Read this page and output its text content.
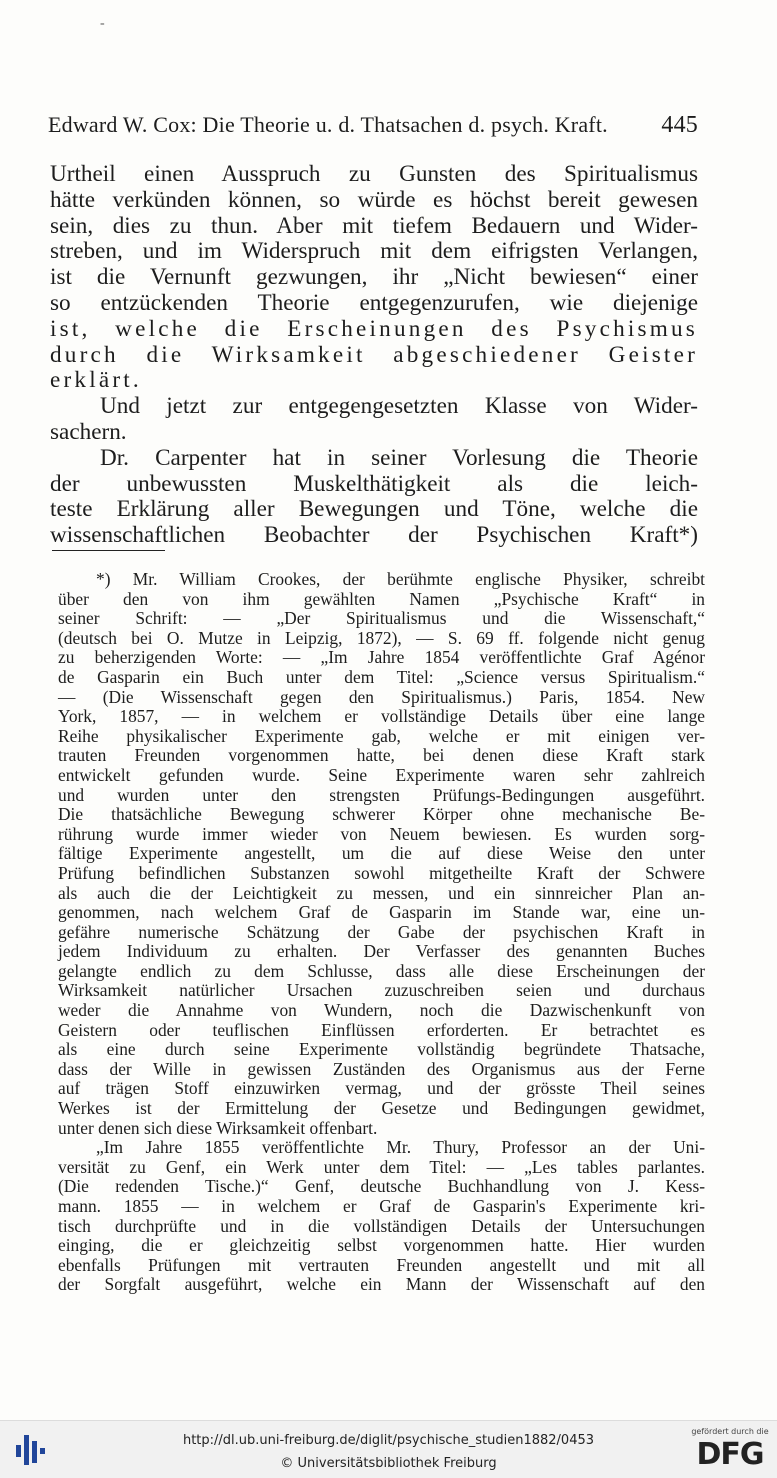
-
Edward W. Cox: Die Theorie u. d. Thatsachen d. psych. Kraft. 445
Urtheil einen Ausspruch zu Gunsten des Spiritualismus
hätte verkünden können, so würde es höchst bereit gewesen
sein, dies zu thun. Aber mit tiefem Bedauern und Wider-
streben, und im Widerspruch mit dem eifrigsten Verlangen,
ist die Vernunft gezwungen, ihr „Nicht bewiesen“ einer
so entzückenden Theorie entgegenzurufen, wie diejenige
ist, welche die Erscheinungen des Psychismus
durch die Wirksamkeit abgeschiedener Geister
erklärt.
Und jetzt zur entgegengesetzten Klasse von Wider-
sachern.
Dr. Carpenter hat in seiner Vorlesung die Theorie
der unbewussten Muskelthätigkeit als die leich-
teste Erklärung aller Bewegungen und Töne, welche die
wissenschaftlichen Beobachter der Psychischen Kraft*)
*) Mr. William Crookes, der berühmte englische Physiker, schreibt
über den von ihm gewählten Namen „Psychische Kraft“ in
seiner Schrift: — „Der Spiritualismus und die Wissenschaft,“
(deutsch bei O. Mutze in Leipzig, 1872), — S. 69 ff. folgende nicht genug
zu beherzigenden Worte: — „Im Jahre 1854 veröffentlichte Graf Agénor
de Gasparin ein Buch unter dem Titel: „Science versus Spiritualism.“
— (Die Wissenschaft gegen den Spiritualismus.) Paris, 1854. New
York, 1857, — in welchem er vollständige Details über eine lange
Reihe physikalischer Experimente gab, welche er mit einigen ver-
trauten Freunden vorgenommen hatte, bei denen diese Kraft stark
entwickelt gefunden wurde. Seine Experimente waren sehr zahlreich
und wurden unter den strengsten Prüfungs-Bedingungen ausgeführt.
Die thatsächliche Bewegung schwerer Körper ohne mechanische Be-
rührung wurde immer wieder von Neuem bewiesen. Es wurden sorg-
fältige Experimente angestellt, um die auf diese Weise den unter
Prüfung befindlichen Substanzen sowohl mitgetheilte Kraft der Schwere
als auch die der Leichtigkeit zu messen, und ein sinnreicher Plan an-
genommen, nach welchem Graf de Gasparin im Stande war, eine un-
gefähre numerische Schätzung der Gabe der psychischen Kraft in
jedem Individuum zu erhalten. Der Verfasser des genannten Buches
gelangte endlich zu dem Schlusse, dass alle diese Erscheinungen der
Wirksamkeit natürlicher Ursachen zuzuschreiben seien und durchaus
weder die Annahme von Wundern, noch die Dazwischenkunft von
Geistern oder teuflischen Einflüssen erforderten. Er betrachtet es
als eine durch seine Experimente vollständig begründete Thatsache,
dass der Wille in gewissen Zuständen des Organismus aus der Ferne
auf trägen Stoff einzuwirken vermag, und der grösste Theil seines
Werkes ist der Ermittelung der Gesetze und Bedingungen gewidmet,
unter denen sich diese Wirksamkeit offenbart.
„Im Jahre 1855 veröffentlichte Mr. Thury, Professor an der Uni-
versität zu Genf, ein Werk unter dem Titel: — „Les tables parlantes.
(Die redenden Tische.)“ Genf, deutsche Buchhandlung von J. Kess-
mann. 1855 — in welchem er Graf de Gasparin's Experimente kri-
tisch durchprüfte und in die vollständigen Details der Untersuchungen
einging, die er gleichzeitig selbst vorgenommen hatte. Hier wurden
ebenfalls Prüfungen mit vertrauten Freunden angestellt und mit all
der Sorgfalt ausgeführt, welche ein Mann der Wissenschaft auf den
http://dl.ub.uni-freiburg.de/diglit/psychische_studien1882/0453
© Universitätsbibliothek Freiburg
gefördert durch die
DFG
